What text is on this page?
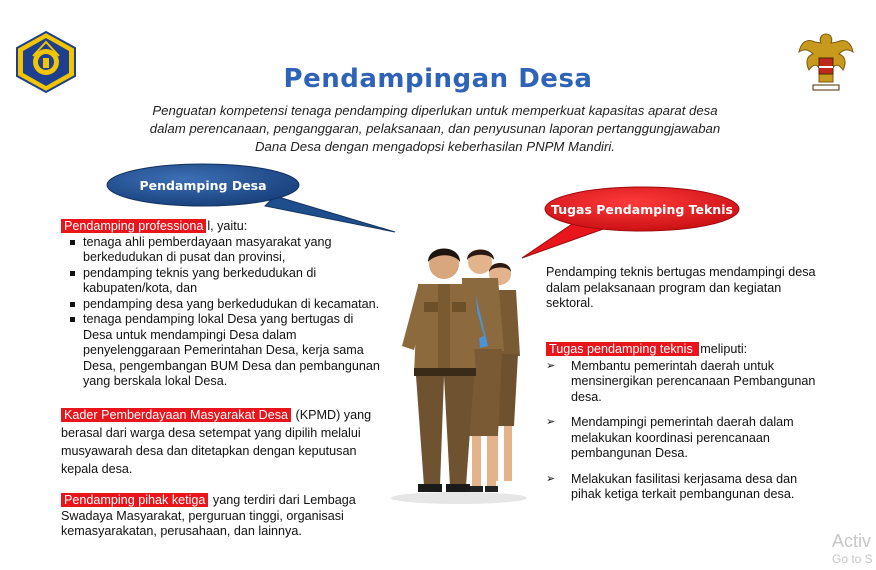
Pendampingan Desa
Penguatan kompetensi tenaga pendamping diperlukan untuk memperkuat kapasitas aparat desa
dalam perencanaan, penganggaran, pelaksanaan, dan penyusunan laporan pertanggungjawaban
Dana Desa dengan mengadopsi keberhasilan PNPM Mandiri.
Pendamping Desa
Tugas Pendamping Teknis
Pendamping professiona l, yaitu:
tenaga ahli pemberdayaan masyarakat yang
berkedudukan di pusat dan provinsi,
pendamping teknis yang berkedudukan di
kabupaten/kota, dan
pendamping desa yang berkedudukan di kecamatan.
tenaga pendamping lokal Desa yang bertugas di
Desa untuk mendampingi Desa dalam
penyelenggaraan Pemerintahan Desa, kerja sama
Desa, pengembangan BUM Desa dan pembangunan
yang berskala lokal Desa.
Kader Pemberdayaan Masyarakat Desa (KPMD) yang
berasal dari warga desa setempat yang dipilih melalui
musyawarah desa dan ditetapkan dengan keputusan
kepala desa.
Pendamping pihak ketiga yang terdiri dari Lembaga
Swadaya Masyarakat, perguruan tinggi, organisasi
kemasyarakatan, perusahaan, dan lainnya.
Pendamping teknis bertugas mendampingi desa
dalam pelaksanaan program dan kegiatan
sektoral.
Tugas pendamping teknis meliputi:
➢ Membantu pemerintah daerah untuk
mensinergikan perencanaan Pembangunan
desa.
➢ Mendampingi pemerintah daerah dalam
melakukan koordinasi perencanaan
pembangunan Desa.
➢ Melakukan fasilitasi kerjasama desa dan
pihak ketiga terkait pembangunan desa.
Activ
Go to S
